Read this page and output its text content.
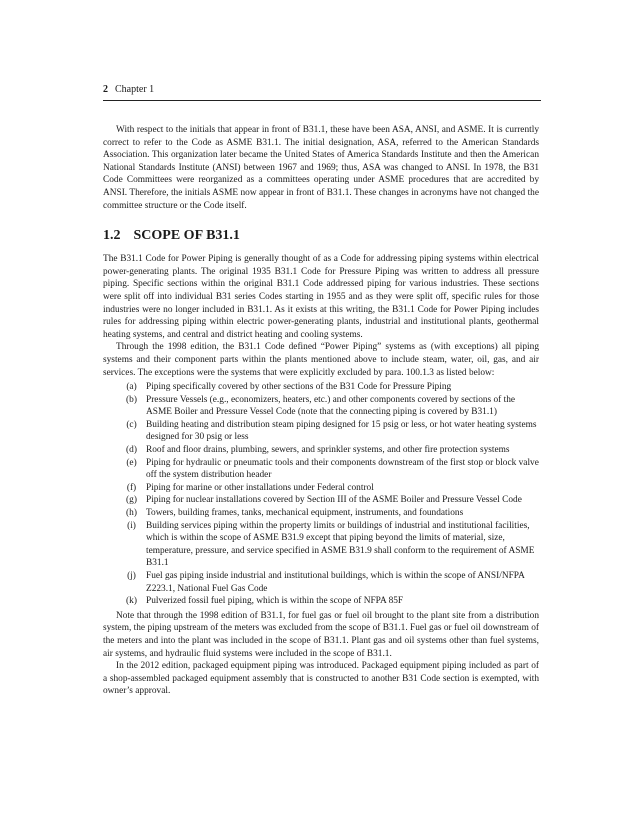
2 Chapter 1

With respect to the initials that appear in front of B31.1, these have been ASA, ANSI, and ASME. It is currently correct to refer to the Code as ASME B31.1. The initial designation, ASA, referred to the American Standards Association. This organization later became the United States of America Standards Institute and then the American National Standards Institute (ANSI) between 1967 and 1969; thus, ASA was changed to ANSI. In 1978, the B31 Code Committees were reorganized as a committees operating under ASME procedures that are accredited by ANSI. Therefore, the initials ASME now appear in front of B31.1. These changes in acronyms have not changed the committee structure or the Code itself.

1.2 SCOPE OF B31.1

The B31.1 Code for Power Piping is generally thought of as a Code for addressing piping systems within electrical power-generating plants. The original 1935 B31.1 Code for Pressure Piping was written to address all pressure piping. Specific sections within the original B31.1 Code addressed piping for various industries. These sections were split off into individual B31 series Codes starting in 1955 and as they were split off, specific rules for those industries were no longer included in B31.1. As it exists at this writing, the B31.1 Code for Power Piping includes rules for addressing piping within electric power-generating plants, industrial and institutional plants, geothermal heating systems, and central and district heating and cooling systems.

Through the 1998 edition, the B31.1 Code defined “Power Piping” systems as (with exceptions) all piping systems and their component parts within the plants mentioned above to include steam, water, oil, gas, and air services. The exceptions were the systems that were explicitly excluded by para. 100.1.3 as listed below:

(a) Piping specifically covered by other sections of the B31 Code for Pressure Piping
(b) Pressure Vessels (e.g., economizers, heaters, etc.) and other components covered by sections of the ASME Boiler and Pressure Vessel Code (note that the connecting piping is covered by B31.1)
(c) Building heating and distribution steam piping designed for 15 psig or less, or hot water heating systems designed for 30 psig or less
(d) Roof and floor drains, plumbing, sewers, and sprinkler systems, and other fire protection systems
(e) Piping for hydraulic or pneumatic tools and their components downstream of the first stop or block valve off the system distribution header
(f)	Piping for marine or other installations under Federal control
(g) Piping for nuclear installations covered by Section III of the ASME Boiler and Pressure Vessel Code
(h) Towers, building frames, tanks, mechanical equipment, instruments, and foundations
(i)	Building services piping within the property limits or buildings of industrial and institutional facilities, which is within the scope of ASME B31.9 except that piping beyond the limits of material, size, temperature, pressure, and service specified in ASME B31.9 shall conform to the requirement of ASME B31.1
(j)	Fuel gas piping inside industrial and institutional buildings, which is within the scope of ANSI/NFPA Z223.1, National Fuel Gas Code
(k) Pulverized fossil fuel piping, which is within the scope of NFPA 85F

Note that through the 1998 edition of B31.1, for fuel gas or fuel oil brought to the plant site from a distribution system, the piping upstream of the meters was excluded from the scope of B31.1. Fuel gas or fuel oil downstream of the meters and into the plant was included in the scope of B31.1. Plant gas and oil systems other than fuel systems, air systems, and hydraulic fluid systems were included in the scope of B31.1.

In the 2012 edition, packaged equipment piping was introduced. Packaged equipment piping included as part of a shop-assembled packaged equipment assembly that is constructed to another B31 Code section is exempted, with owner’s approval.
